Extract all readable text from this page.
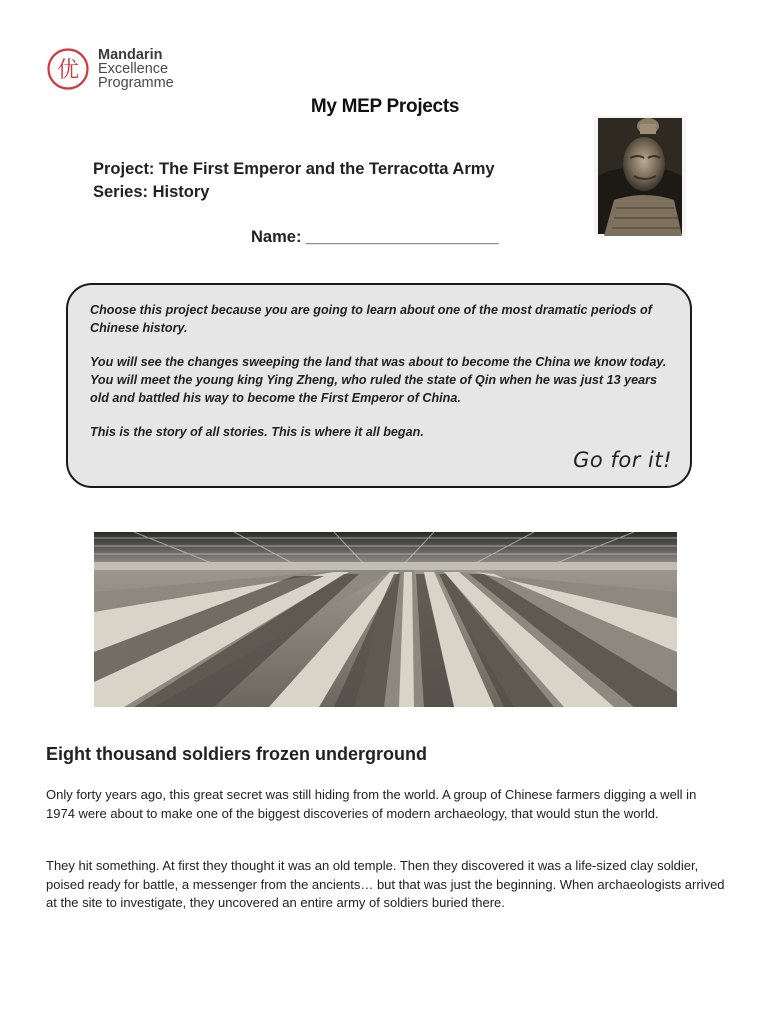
优
Mandarin
Excellence
Programme
My MEP Projects
Project: The First Emperor and the Terracotta Army
Series: History
Name: _____________________

Choose this project because you are going to learn about one of the most dramatic periods of Chinese history.

You will see the changes sweeping the land that was about to become the China we know today. You will meet the young king Ying Zheng, who ruled the state of Qin when he was just 13 years old and battled his way to become the First Emperor of China.

This is the story of all stories. This is where it all began.

Go for it!
Eight thousand soldiers frozen underground

Only forty years ago, this great secret was still hiding from the world. A group of Chinese farmers digging a well in 1974 were about to make one of the biggest discoveries of modern archaeology, that would stun the world.

They hit something. At first they thought it was an old temple. Then they discovered it was a life-sized clay soldier, poised ready for battle, a messenger from the ancients… but that was just the beginning. When archaeologists arrived at the site to investigate, they uncovered an entire army of soldiers buried there.
